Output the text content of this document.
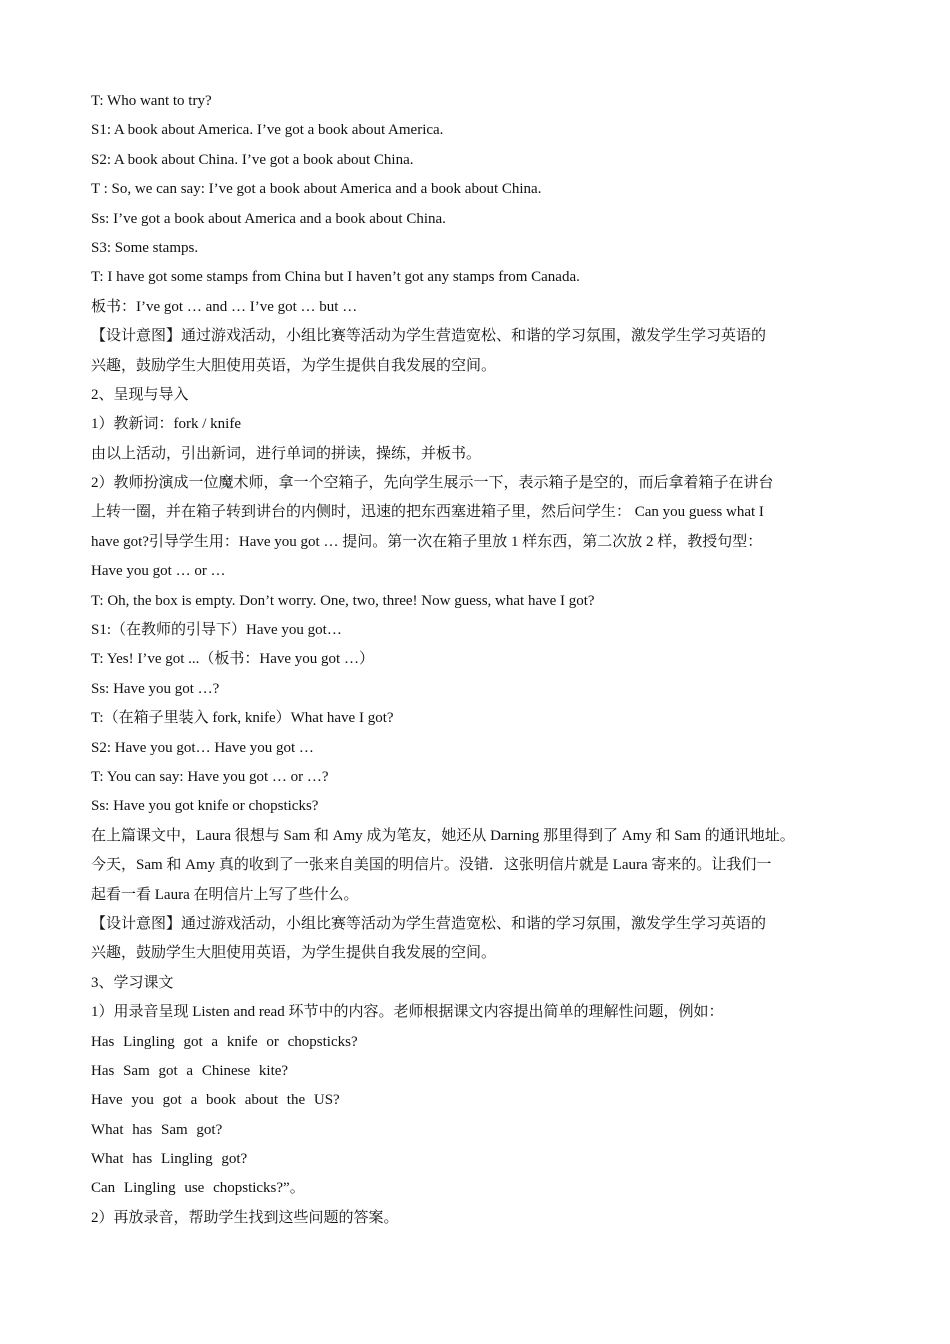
T: Who want to try?
S1: A book about America. I’ve got a book about America.
S2: A book about China. I’ve got a book about China.
T : So, we can say: I’ve got a book about America and a book about China.
Ss: I’ve got a book about America and a book about China.
S3: Some stamps.
T: I have got some stamps from China but I haven’t got any stamps from Canada.
板书：I’ve got … and … I’ve got … but …
【设计意图】通过游戏活动，小组比赛等活动为学生营造宽松、和谐的学习氛围，激发学生学习英语的
兴趣，鼓励学生大胆使用英语，为学生提供自我发展的空间。
2、呈现与导入
1）教新词：fork / knife
由以上活动，引出新词，进行单词的拼读，操练，并板书。
2）教师扮演成一位魔术师，拿一个空箱子，先向学生展示一下，表示箱子是空的，而后拿着箱子在讲台
上转一圈，并在箱子转到讲台的内侧时，迅速的把东西塞进箱子里，然后问学生： Can you guess what I
have got?引导学生用：Have you got … 提问。第一次在箱子里放 1 样东西，第二次放 2 样，教授句型：
Have you got … or …
T: Oh, the box is empty. Don’t worry. One, two, three! Now guess, what have I got?
S1:（在教师的引导下）Have you got…
T: Yes! I’ve got ...（板书：Have you got …）
Ss: Have you got …?
T:（在箱子里装入 fork, knife）What have I got?
S2: Have you got… Have you got …
T: You can say: Have you got … or …?
Ss: Have you got knife or chopsticks?
在上篇课文中，Laura 很想与 Sam 和 Amy 成为笔友，她还从 Darning 那里得到了 Amy 和 Sam 的通讯地址。
今天，Sam 和 Amy 真的收到了一张来自美国的明信片。没错．这张明信片就是 Laura 寄来的。让我们一
起看一看 Laura 在明信片上写了些什么。
【设计意图】通过游戏活动，小组比赛等活动为学生营造宽松、和谐的学习氛围，激发学生学习英语的
兴趣，鼓励学生大胆使用英语，为学生提供自我发展的空间。
3、学习课文
1）用录音呈现 Listen and read 环节中的内容。老师根据课文内容提出简单的理解性问题，例如：
Has Lingling got a knife or chopsticks?
Has Sam got a Chinese kite?
Have you got a book about the US?
What has Sam got?
What has Lingling got?
Can Lingling use chopsticks?”。
2）再放录音，帮助学生找到这些问题的答案。
